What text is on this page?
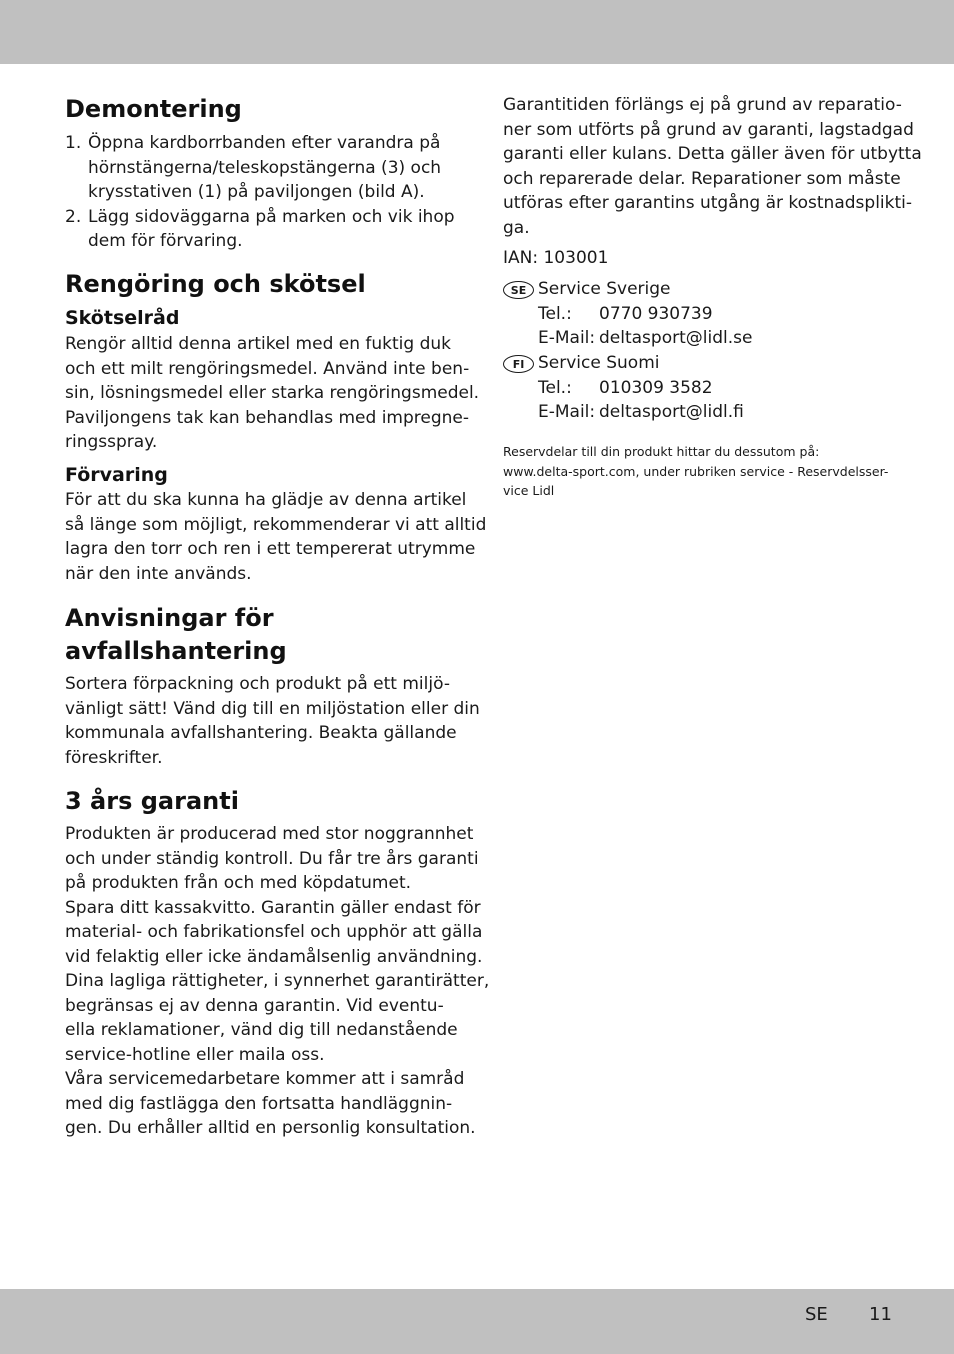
Demontering
1. Öppna kardborrbanden efter varandra på
hörnstängerna/teleskopstängerna (3) och
krysstativen (1) på paviljongen (bild A).
2. Lägg sidoväggarna på marken och vik ihop
dem för förvaring.
Rengöring och skötsel
Skötselråd
Rengör alltid denna artikel med en fuktig duk
och ett milt rengöringsmedel. Använd inte ben-
sin, lösningsmedel eller starka rengöringsmedel.
Paviljongens tak kan behandlas med impregne-
ringsspray.
Förvaring
För att du ska kunna ha glädje av denna artikel
så länge som möjligt, rekommenderar vi att alltid
lagra den torr och ren i ett tempererat utrymme
när den inte används.
Anvisningar för
avfallshantering
Sortera förpackning och produkt på ett miljö-
vänligt sätt! Vänd dig till en miljöstation eller din
kommunala avfallshantering. Beakta gällande
föreskrifter.
3 års garanti
Produkten är producerad med stor noggrannhet
och under ständig kontroll. Du får tre års garanti
på produkten från och med köpdatumet.
Spara ditt kassakvitto. Garantin gäller endast för
material- och fabrikationsfel och upphör att gälla
vid felaktig eller icke ändamålsenlig användning.
Dina lagliga rättigheter, i synnerhet garantirätter,
begränsas ej av denna garantin. Vid eventu-
ella reklamationer, vänd dig till nedanstående
service-hotline eller maila oss.
Våra servicemedarbetare kommer att i samråd
med dig fastlägga den fortsatta handläggnin-
gen. Du erhåller alltid en personlig konsultation.
Garantitiden förlängs ej på grund av reparatio-
ner som utförts på grund av garanti, lagstadgad
garanti eller kulans. Detta gäller även för utbytta
och reparerade delar. Reparationer som måste
utföras efter garantins utgång är kostnadsplikti-
ga.
IAN: 103001
SE Service Sverige
Tel.: 0770 930739
E-Mail: deltasport@lidl.se
FI Service Suomi
Tel.: 010309 3582
E-Mail: deltasport@lidl.fi
Reservdelar till din produkt hittar du dessutom på:
www.delta-sport.com, under rubriken service - Reservdelsser-
vice Lidl
SE 11
